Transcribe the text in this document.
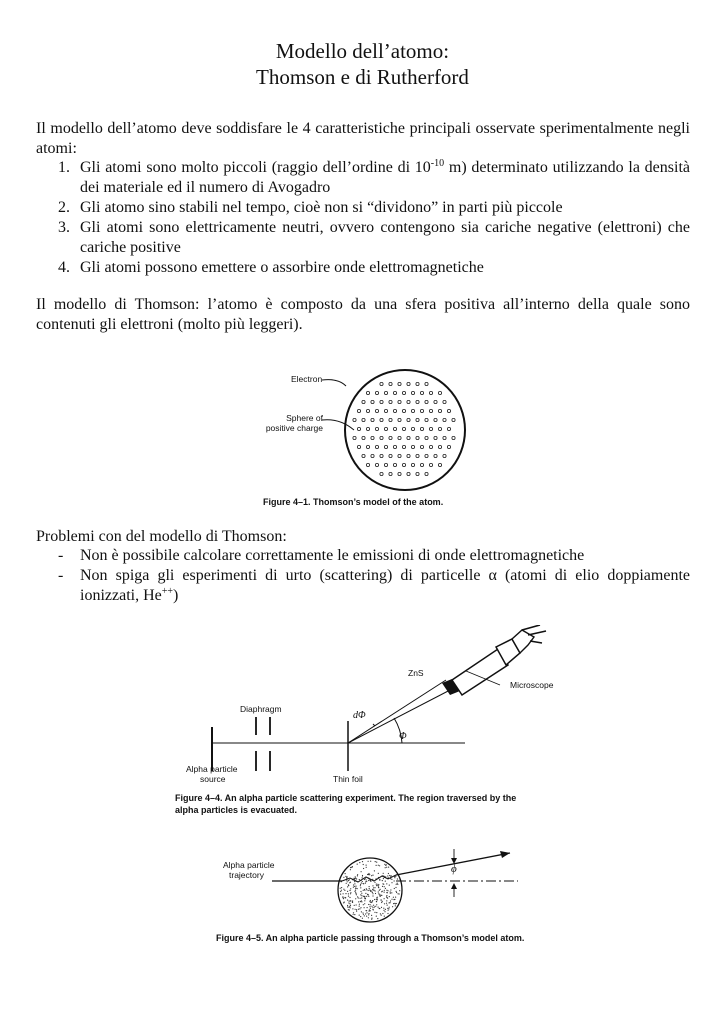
Modello dell’atomo:
Thomson e di Rutherford
Il modello dell’atomo deve soddisfare le 4 caratteristiche principali osservate sperimentalmente negli atomi:
1. Gli atomi sono molto piccoli (raggio dell’ordine di $10^{-10}$ m) determinato utilizzando la densità dei materiale ed il numero di Avogadro
2. Gli atomo sino stabili nel tempo, cioè non si “dividono” in parti più piccole
3. Gli atomi sono elettricamente neutri, ovvero contengono sia cariche negative (elettroni) che cariche positive
4. Gli atomi possono emettere o assorbire onde elettromagnetiche
Il modello di Thomson: l’atomo è composto da una sfera positiva all’interno della quale sono contenuti gli elettroni (molto più leggeri).
Electron
Sphere of
positive charge
Figure 4–1. Thomson’s model of the atom.
Problemi con del modello di Thomson:
- Non è possibile calcolare correttamente le emissioni di onde elettromagnetiche
- Non spiga gli esperimenti di urto (scattering) di particelle α (atomi di elio doppiamente ionizzati, He++)
ZnS
Microscope
Diaphragm
dΦ
Φ
Alpha particle
source	Thin foil
Figure 4–4. An alpha particle scattering experiment. The region traversed by the
alpha particles is evacuated.
Alpha particle
trajectory	ϕ
Figure 4–5. An alpha particle passing through a Thomson’s model atom.
